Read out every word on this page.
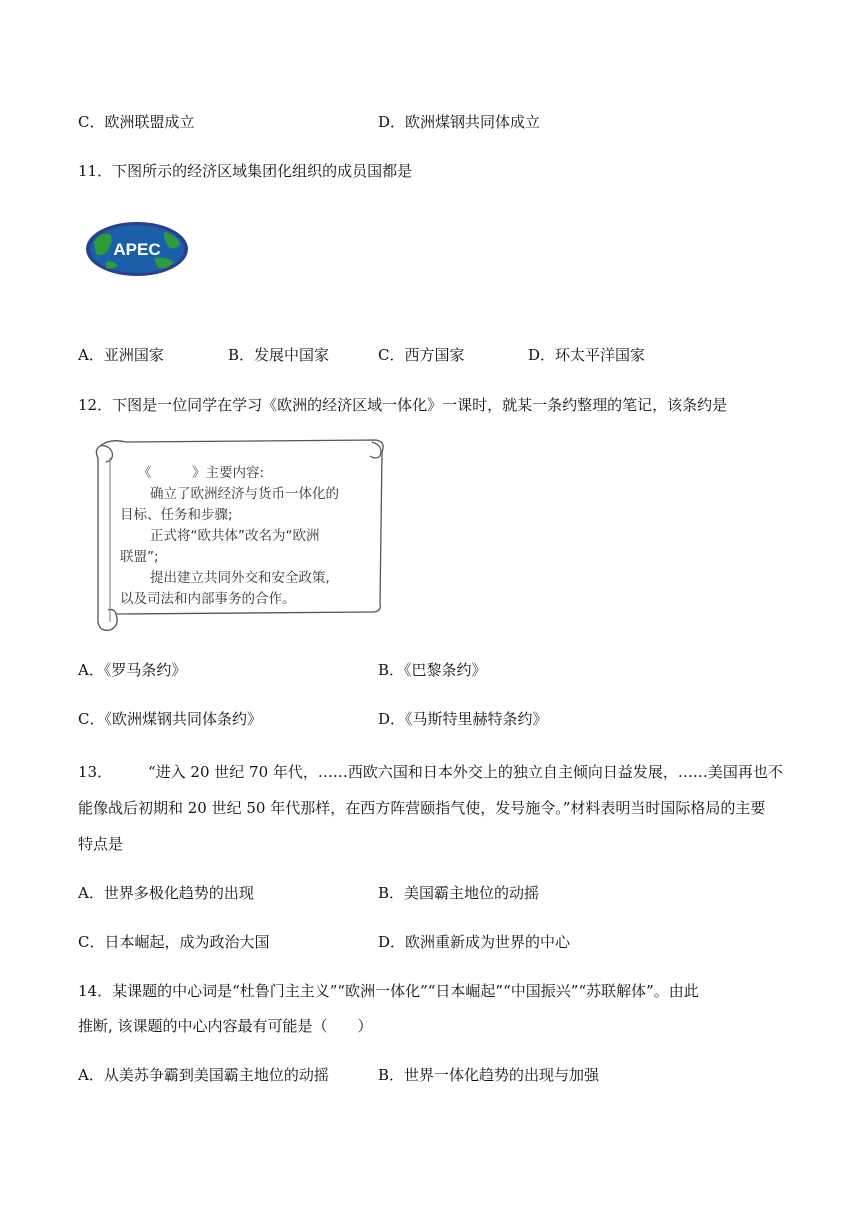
C．欧洲联盟成立	D．欧洲煤钢共同体成立
11．下图所示的经济区域集团化组织的成员国都是
APEC
A．亚洲国家	B．发展中国家	C．西方国家	D．环太平洋国家
12．下图是一位同学在学习《欧洲的经济区域一体化》一课时，就某一条约整理的笔记，该条约是
《　　　》主要内容:
确立了欧洲经济与货币一体化的
目标、任务和步骤;
正式将“欧共体”改名为“欧洲
联盟”;
提出建立共同外交和安全政策,
以及司法和内部事务的合作。
A．《罗马条约》	B．《巴黎条约》
C．《欧洲煤钢共同体条约》	D．《马斯特里赫特条约》
13． “进入 20 世纪 70 年代，……西欧六国和日本外交上的独立自主倾向日益发展，……美国再也不
能像战后初期和 20 世纪 50 年代那样，在西方阵营颐指气使，发号施令。”材料表明当时国际格局的主要
特点是
A．世界多极化趋势的出现	B．美国霸主地位的动摇
C．日本崛起，成为政治大国	D．欧洲重新成为世界的中心
14．某课题的中心词是“杜鲁门主主义”“欧洲一体化”“日本崛起”“中国振兴”“苏联解体”。由此
推断, 该课题的中心内容最有可能是（　　）
A．从美苏争霸到美国霸主地位的动摇	B．世界一体化趋势的出现与加强
